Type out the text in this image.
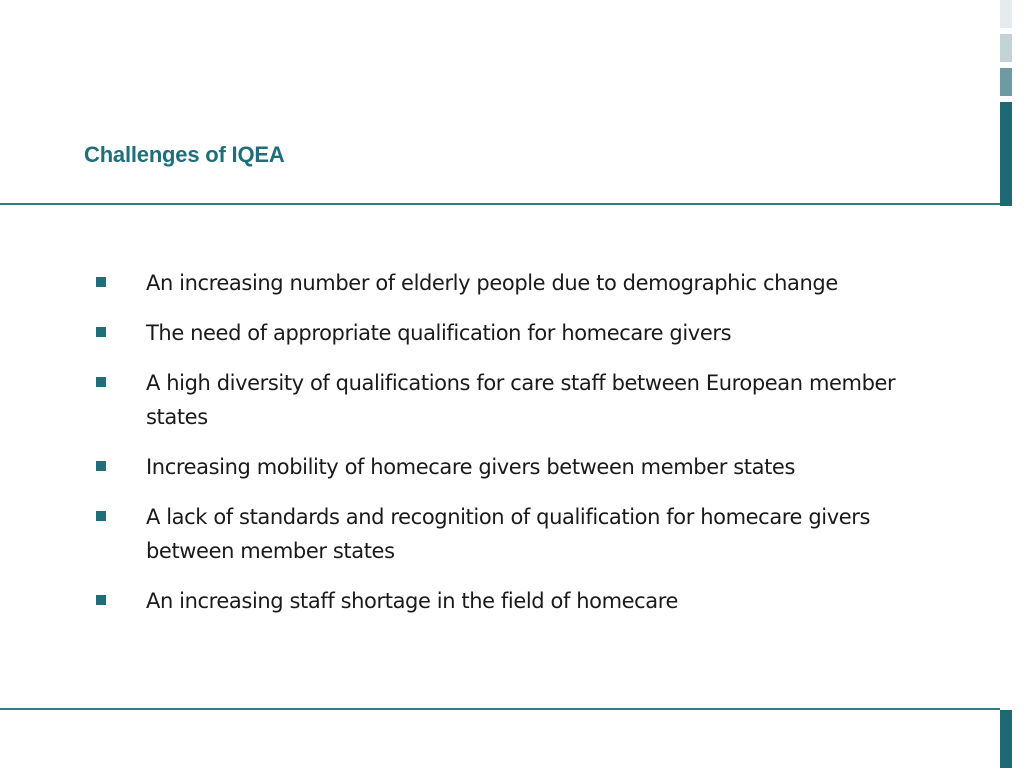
Challenges of IQEA
An increasing number of elderly people due to demographic change
The need of appropriate qualification for homecare givers
A high diversity of qualifications for care staff between European member states
Increasing mobility of homecare givers between member states
A lack of standards and recognition of qualification for homecare givers between member states
An increasing staff shortage in the field of homecare
